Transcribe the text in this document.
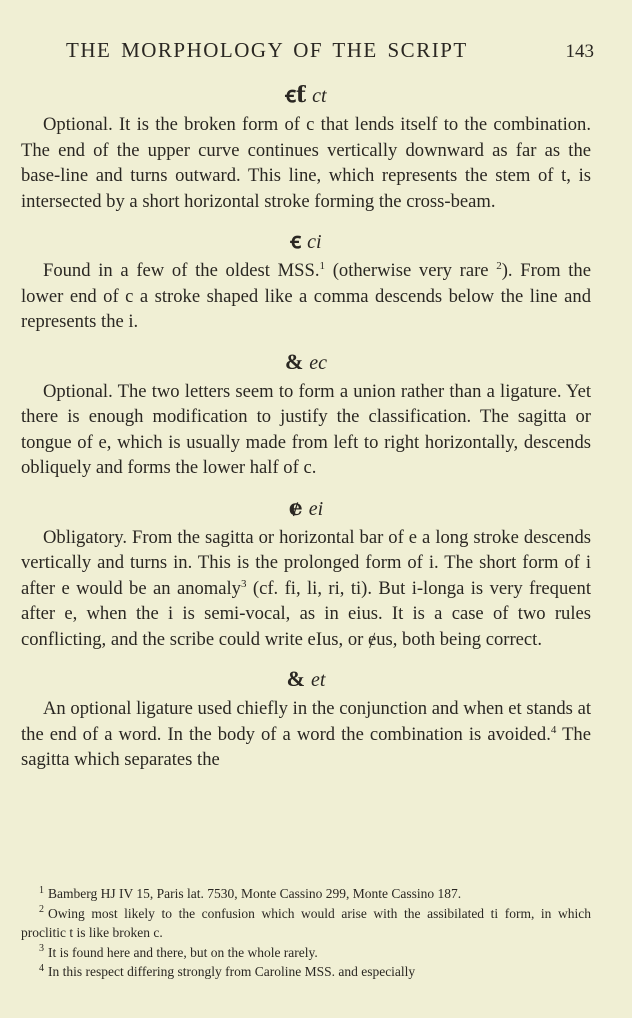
THE MORPHOLOGY OF THE SCRIPT	143
ꞓƭ ct

Optional. It is the broken form of c that lends itself to the combination. The end of the upper curve continues vertically downward as far as the base-line and turns outward. This line, which represents the stem of t, is intersected by a short horizontal stroke forming the cross-beam.

ꞓ ci

Found in a few of the oldest MSS.$^1$ (otherwise very rare $^2$). From the lower end of c a stroke shaped like a comma descends below the line and represents the i.

& ec

Optional. The two letters seem to form a union rather than a ligature. Yet there is enough modification to justify the classification. The sagitta or tongue of e, which is usually made from left to right horizontally, descends obliquely and forms the lower half of c.

ɇ ei

Obligatory. From the sagitta or horizontal bar of e a long stroke descends vertically and turns in. This is the prolonged form of i. The short form of i after e would be an anomaly$^3$ (cf. fi, li, ri, ti). But i-longa is very frequent after e, when the i is semi-vocal, as in eius. It is a case of two rules conflicting, and the scribe could write eIus, or ɇus, both being correct.

& et

An optional ligature used chiefly in the conjunction and when et stands at the end of a word. In the body of a word the combination is avoided.$^4$ The sagitta which separates the

$^1$ Bamberg HJ IV 15, Paris lat. 7530, Monte Cassino 299, Monte Cassino 187.

$^2$ Owing most likely to the confusion which would arise with the assibilated ti form, in which proclitic t is like broken c.

$^3$ It is found here and there, but on the whole rarely.

$^4$ In this respect differing strongly from Caroline MSS. and especially
